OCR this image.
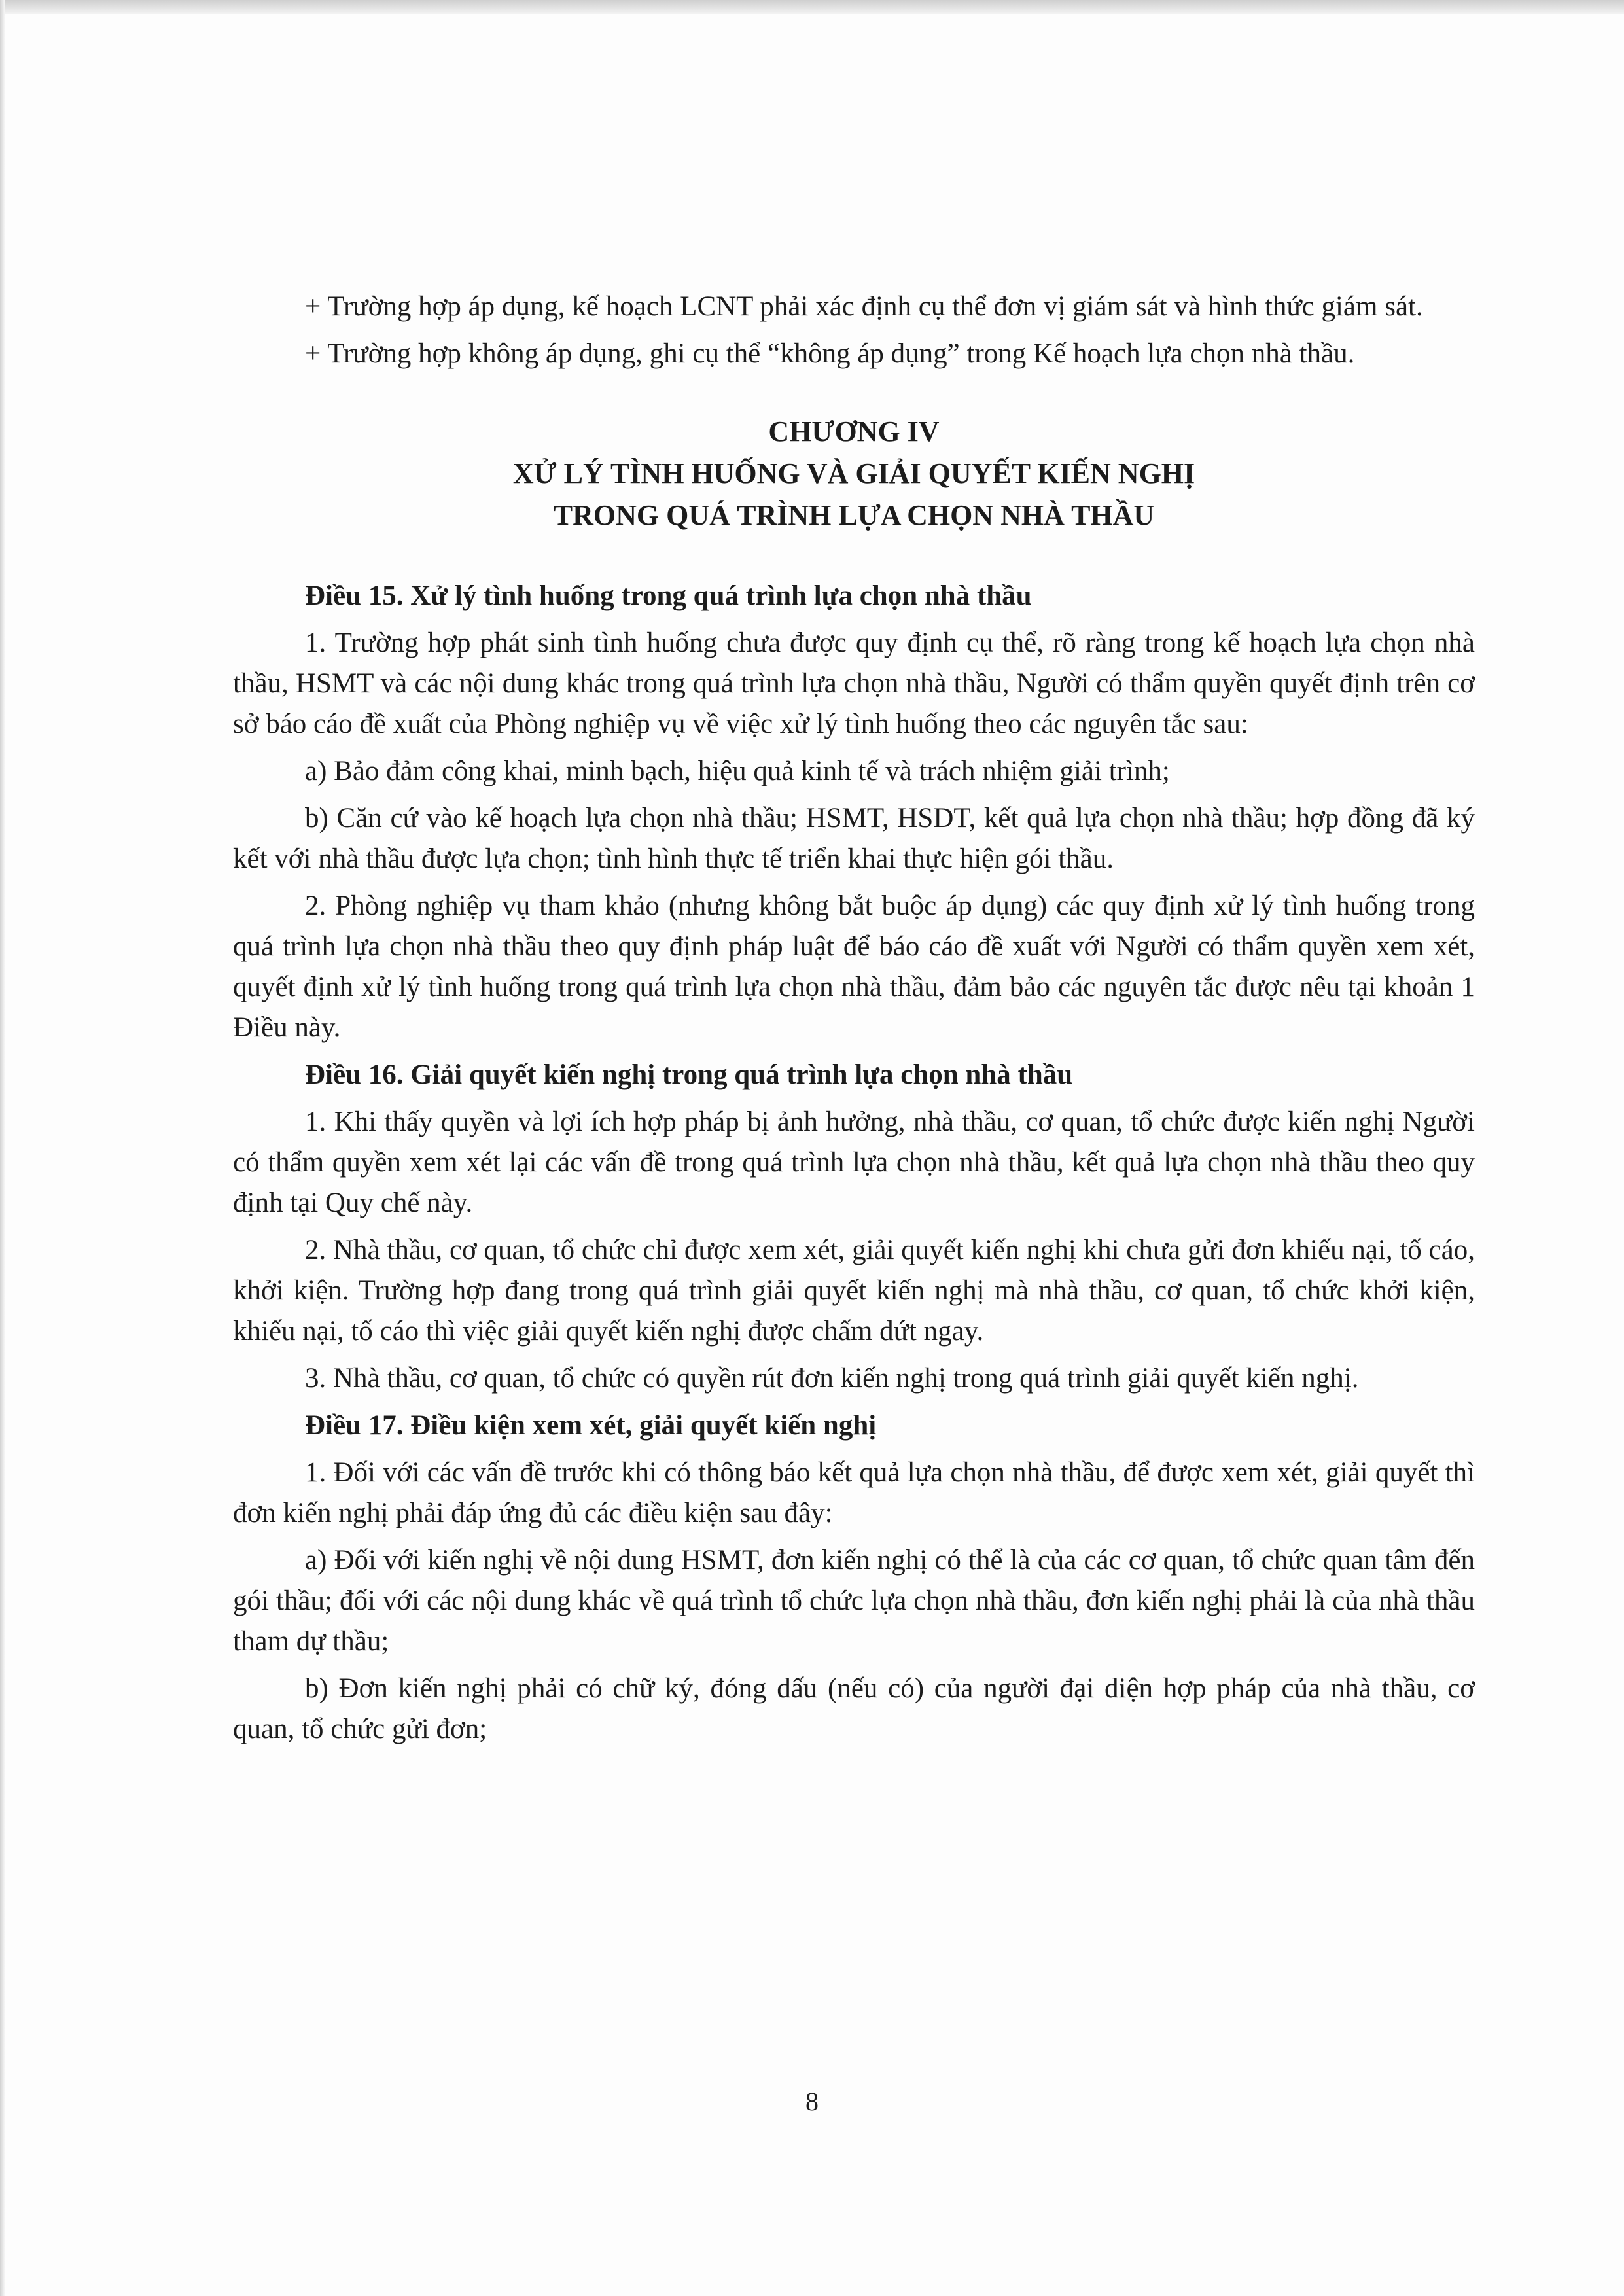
+ Trường hợp áp dụng, kế hoạch LCNT phải xác định cụ thể đơn vị giám sát và hình thức giám sát.

+ Trường hợp không áp dụng, ghi cụ thể “không áp dụng” trong Kế hoạch lựa chọn nhà thầu.

CHƯƠNG IV
XỬ LÝ TÌNH HUỐNG VÀ GIẢI QUYẾT KIẾN NGHỊ
TRONG QUÁ TRÌNH LỰA CHỌN NHÀ THẦU

Điều 15. Xử lý tình huống trong quá trình lựa chọn nhà thầu

1. Trường hợp phát sinh tình huống chưa được quy định cụ thể, rõ ràng trong kế hoạch lựa chọn nhà thầu, HSMT và các nội dung khác trong quá trình lựa chọn nhà thầu, Người có thẩm quyền quyết định trên cơ sở báo cáo đề xuất của Phòng nghiệp vụ về việc xử lý tình huống theo các nguyên tắc sau:

a) Bảo đảm công khai, minh bạch, hiệu quả kinh tế và trách nhiệm giải trình;

b) Căn cứ vào kế hoạch lựa chọn nhà thầu; HSMT, HSDT, kết quả lựa chọn nhà thầu; hợp đồng đã ký kết với nhà thầu được lựa chọn; tình hình thực tế triển khai thực hiện gói thầu.

2. Phòng nghiệp vụ tham khảo (nhưng không bắt buộc áp dụng) các quy định xử lý tình huống trong quá trình lựa chọn nhà thầu theo quy định pháp luật để báo cáo đề xuất với Người có thẩm quyền xem xét, quyết định xử lý tình huống trong quá trình lựa chọn nhà thầu, đảm bảo các nguyên tắc được nêu tại khoản 1 Điều này.

Điều 16. Giải quyết kiến nghị trong quá trình lựa chọn nhà thầu

1. Khi thấy quyền và lợi ích hợp pháp bị ảnh hưởng, nhà thầu, cơ quan, tổ chức được kiến nghị Người có thẩm quyền xem xét lại các vấn đề trong quá trình lựa chọn nhà thầu, kết quả lựa chọn nhà thầu theo quy định tại Quy chế này.

2. Nhà thầu, cơ quan, tổ chức chỉ được xem xét, giải quyết kiến nghị khi chưa gửi đơn khiếu nại, tố cáo, khởi kiện. Trường hợp đang trong quá trình giải quyết kiến nghị mà nhà thầu, cơ quan, tổ chức khởi kiện, khiếu nại, tố cáo thì việc giải quyết kiến nghị được chấm dứt ngay.

3. Nhà thầu, cơ quan, tổ chức có quyền rút đơn kiến nghị trong quá trình giải quyết kiến nghị.

Điều 17. Điều kiện xem xét, giải quyết kiến nghị

1. Đối với các vấn đề trước khi có thông báo kết quả lựa chọn nhà thầu, để được xem xét, giải quyết thì đơn kiến nghị phải đáp ứng đủ các điều kiện sau đây:

a) Đối với kiến nghị về nội dung HSMT, đơn kiến nghị có thể là của các cơ quan, tổ chức quan tâm đến gói thầu; đối với các nội dung khác về quá trình tổ chức lựa chọn nhà thầu, đơn kiến nghị phải là của nhà thầu tham dự thầu;

b) Đơn kiến nghị phải có chữ ký, đóng dấu (nếu có) của người đại diện hợp pháp của nhà thầu, cơ quan, tổ chức gửi đơn;

8
